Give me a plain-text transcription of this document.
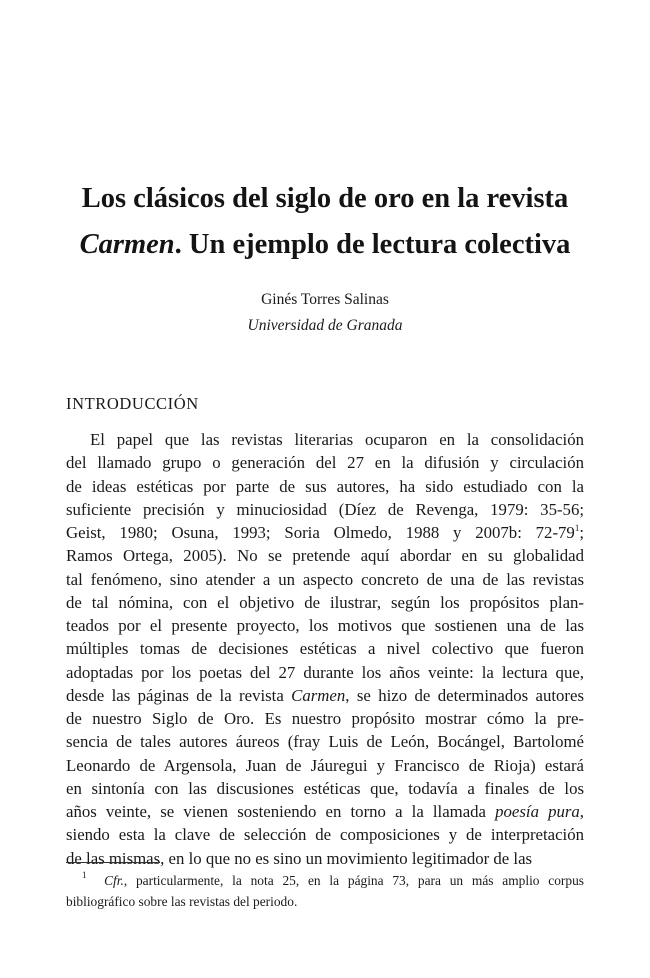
Los clásicos del siglo de oro en la revista
Carmen. Un ejemplo de lectura colectiva
Ginés Torres Salinas
Universidad de Granada
INTRODUCCIÓN
El papel que las revistas literarias ocuparon en la consolidación
del llamado grupo o generación del 27 en la difusión y circulación
de ideas estéticas por parte de sus autores, ha sido estudiado con la
suficiente precisión y minuciosidad (Díez de Revenga, 1979: 35-56;
Geist, 1980; Osuna, 1993; Soria Olmedo, 1988 y 2007b: $72-79^1$;
Ramos Ortega, 2005). No se pretende aquí abordar en su globalidad
tal fenómeno, sino atender a un aspecto concreto de una de las revistas
de tal nómina, con el objetivo de ilustrar, según los propósitos plan-
teados por el presente proyecto, los motivos que sostienen una de las
múltiples tomas de decisiones estéticas a nivel colectivo que fueron
adoptadas por los poetas del 27 durante los años veinte: la lectura que,
desde las páginas de la revista Carmen, se hizo de determinados autores
de nuestro Siglo de Oro. Es nuestro propósito mostrar cómo la pre-
sencia de tales autores áureos (fray Luis de León, Bocángel, Bartolomé
Leonardo de Argensola, Juan de Jáuregui y Francisco de Rioja) estará
en sintonía con las discusiones estéticas que, todavía a finales de los
años veinte, se vienen sosteniendo en torno a la llamada poesía pura,
siendo esta la clave de selección de composiciones y de interpretación
de las mismas, en lo que no es sino un movimiento legitimador de las
$^1$ Cfr., particularmente, la nota 25, en la página 73, para un más amplio corpus
bibliográfico sobre las revistas del periodo.
